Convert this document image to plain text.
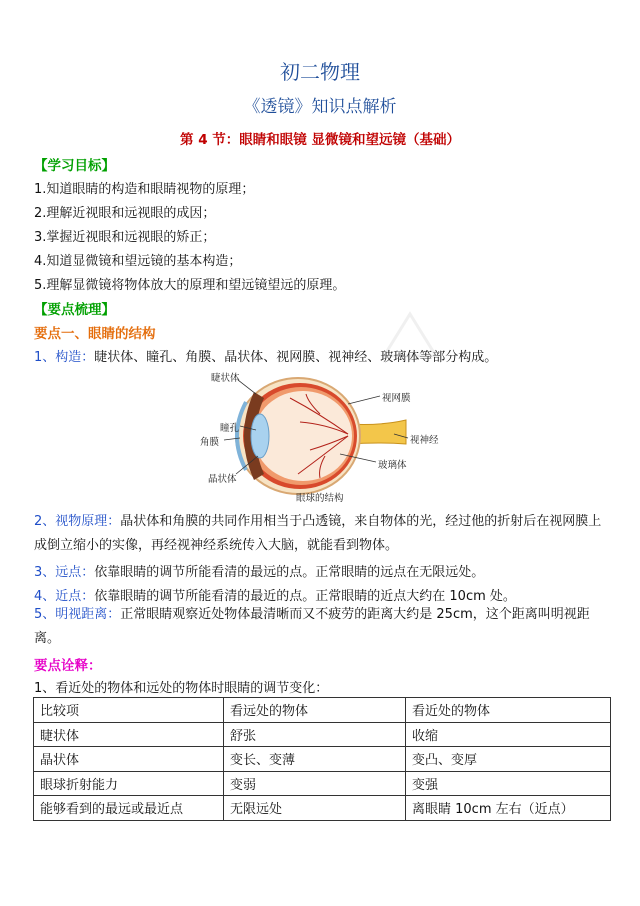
初二物理
《透镜》知识点解析
第 4 节：眼睛和眼镜 显微镜和望远镜（基础）
【学习目标】
1.知道眼睛的构造和眼睛视物的原理；
2.理解近视眼和远视眼的成因；
3.掌握近视眼和远视眼的矫正；
4.知道显微镜和望远镜的基本构造；
5.理解显微镜将物体放大的原理和望远镜望远的原理。
【要点梳理】
要点一、眼睛的结构
1、构造：睫状体、瞳孔、角膜、晶状体、视网膜、视神经、玻璃体等部分构成。
睫状体
视网膜
瞳孔
角膜	视神经
玻璃体
晶状体
眼球的结构
2、视物原理：晶状体和角膜的共同作用相当于凸透镜，来自物体的光，经过他的折射后在视网膜上成倒立缩小的实像，再经视神经系统传入大脑，就能看到物体。
3、远点：依靠眼睛的调节所能看清的最远的点。正常眼睛的远点在无限远处。
4、近点：依靠眼睛的调节所能看清的最近的点。正常眼睛的近点大约在 10cm 处。
5、明视距离：正常眼睛观察近处物体最清晰而又不疲劳的距离大约是 25cm，这个距离叫明视距离。
要点诠释：
1、看近处的物体和远处的物体时眼睛的调节变化：
比较项	看远处的物体	看近处的物体
睫状体	舒张	收缩
晶状体	变长、变薄	变凸、变厚
眼球折射能力	变弱	变强
能够看到的最远或最近点	无限远处	离眼睛 10cm 左右（近点）
